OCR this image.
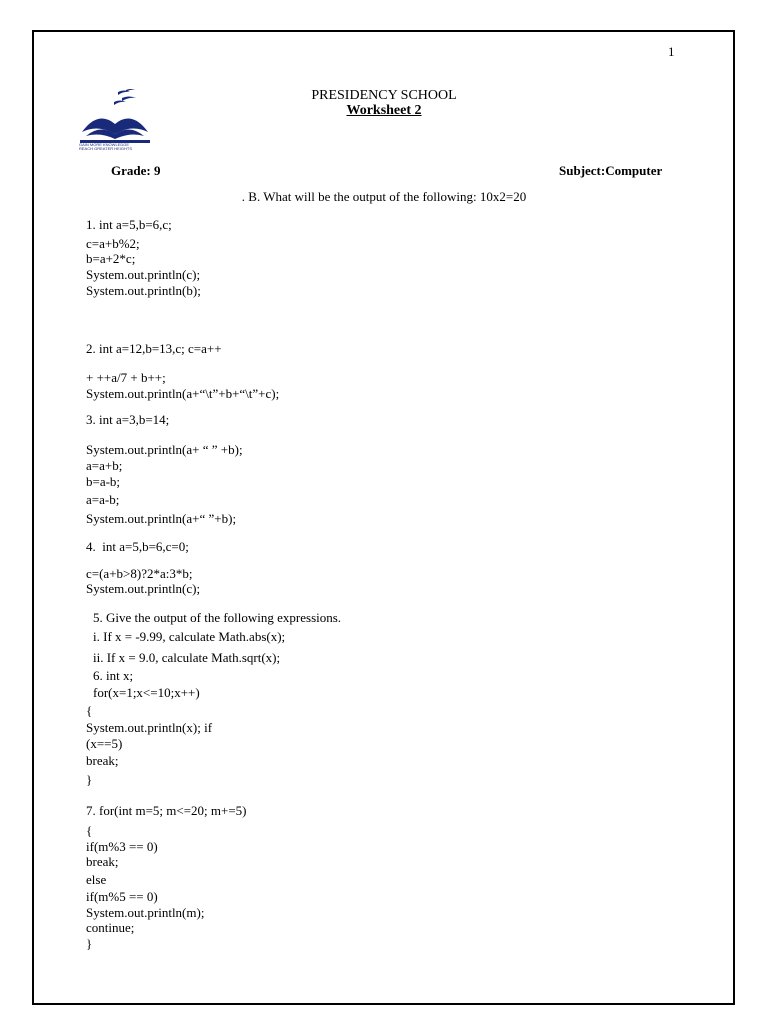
1
GAIN MORE KNOWLEDGE
REACH GREATER HEIGHTS
PRESIDENCY SCHOOL
Worksheet 2
Grade: 9	Subject:Computer
. B. What will be the output of the following: 10x2=20
1. int a=5,b=6,c;
c=a+b%2;
b=a+2*c;
System.out.println(c);
System.out.println(b);
2. int a=12,b=13,c; c=a++
+ ++a/7 + b++;
System.out.println(a+“\t”+b+“\t”+c);
3. int a=3,b=14;
System.out.println(a+ “ ” +b);
a=a+b;
b=a-b;
a=a-b;
System.out.println(a+“ ”+b);
4.  int a=5,b=6,c=0;
c=(a+b>8)?2*a:3*b;
System.out.println(c);
5. Give the output of the following expressions.
i. If x = -9.99, calculate Math.abs(x);
ii. If x = 9.0, calculate Math.sqrt(x);
6. int x;
for(x=1;x<=10;x++)
{
System.out.println(x); if
(x==5)
break;
}
7. for(int m=5; m<=20; m+=5)
{
if(m%3 == 0)
break;
else
if(m%5 == 0)
System.out.println(m);
continue;
}
